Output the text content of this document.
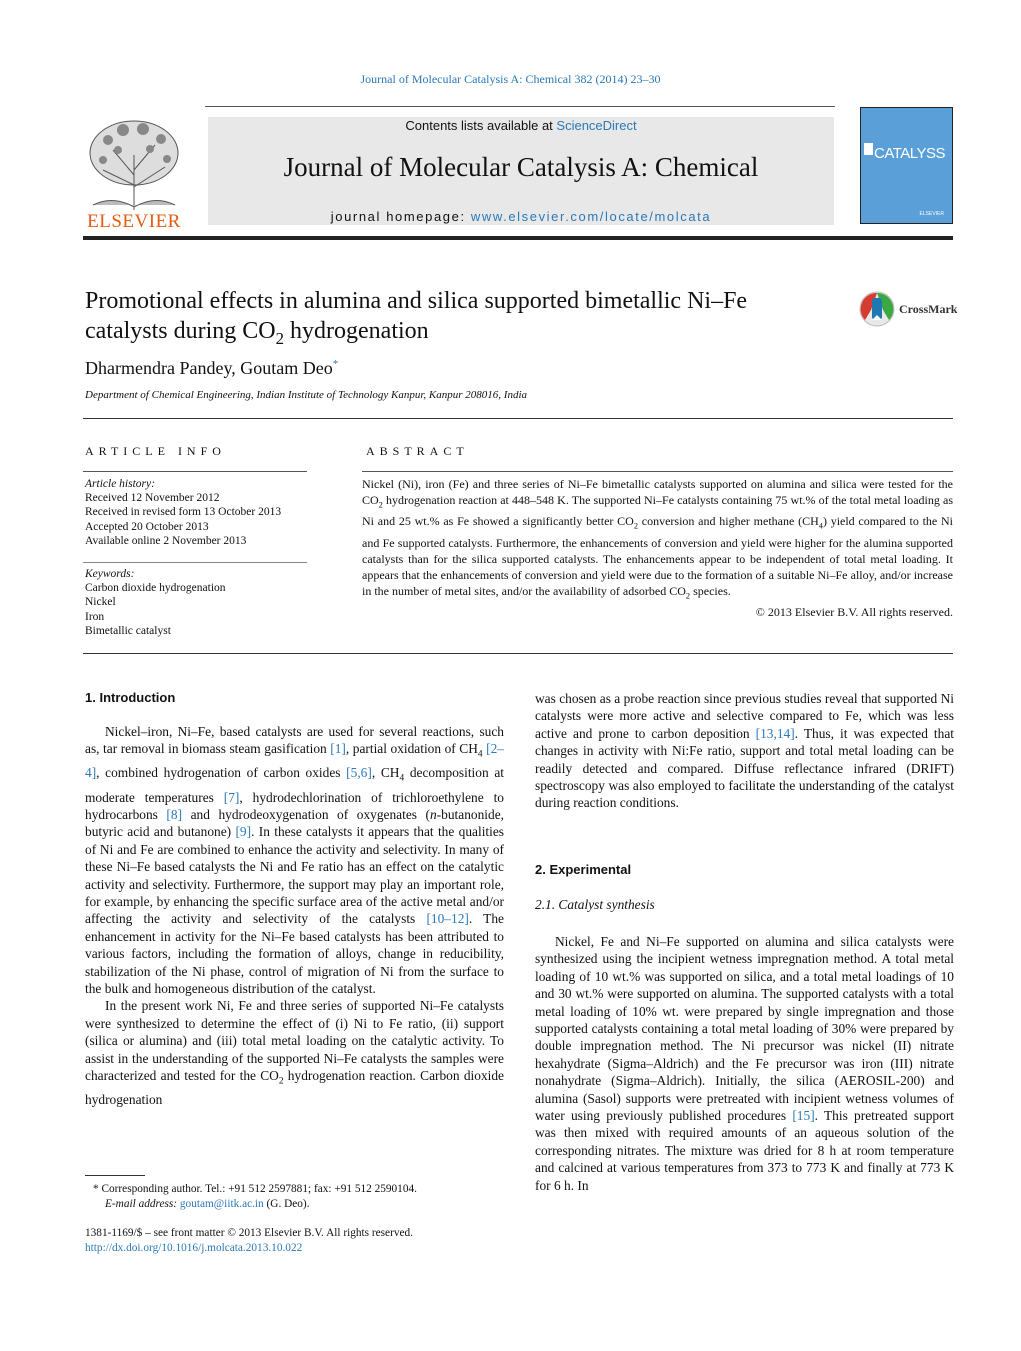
Journal of Molecular Catalysis A: Chemical 382 (2014) 23–30
ELSEVIER
Contents lists available at ScienceDirect
Journal of Molecular Catalysis A: Chemical
journal homepage: www.elsevier.com/locate/molcata	ELSEVIER
CATALYSS
Promotional effects in alumina and silica supported bimetallic Ni–Fe
catalysts during $CO_2$ hydrogenation
CrossMark
Dharmendra Pandey, Goutam Deo*
Department of Chemical Engineering, Indian Institute of Technology Kanpur, Kanpur 208016, India
ARTICLE INFO	ABSTRACT
Article history:
Received 12 November 2012
Received in revised form 13 October 2013
Accepted 20 October 2013
Available online 2 November 2013
Keywords:
Carbon dioxide hydrogenation
Nickel
Iron
Bimetallic catalyst
Nickel (Ni), iron (Fe) and three series of Ni–Fe bimetallic catalysts supported on alumina and silica were tested for the $CO_2$ hydrogenation reaction at 448–548 K. The supported Ni–Fe catalysts containing 75 wt.% of the total metal loading as Ni and 25 wt.% as Fe showed a significantly better $CO_2$ conversion and higher methane $(CH_4)$ yield compared to the Ni and Fe supported catalysts. Furthermore, the enhancements of conversion and yield were higher for the alumina supported catalysts than for the silica supported catalysts. The enhancements appear to be independent of total metal loading. It appears that the enhancements of conversion and yield were due to the formation of a suitable Ni–Fe alloy, and/or increase in the number of metal sites, and/or the availability of adsorbed $CO_2$ species.
© 2013 Elsevier B.V. All rights reserved.
1. Introduction

Nickel–iron, Ni–Fe, based catalysts are used for several reactions, such as, tar removal in biomass steam gasification [1], partial oxidation of $CH_4$ [2–4], combined hydrogenation of carbon oxides [5,6], $CH_4$ decomposition at moderate temperatures [7], hydrodechlorination of trichloroethylene to hydrocarbons [8] and hydrodeoxygenation of oxygenates (n-butanonide, butyric acid and butanone) [9]. In these catalysts it appears that the qualities of Ni and Fe are combined to enhance the activity and selectivity. In many of these Ni–Fe based catalysts the Ni and Fe ratio has an effect on the catalytic activity and selectivity. Furthermore, the support may play an important role, for example, by enhancing the specific surface area of the active metal and/or affecting the activity and selectivity of the catalysts [10–12]. The enhancement in activity for the Ni–Fe based catalysts has been attributed to various factors, including the formation of alloys, change in reducibility, stabilization of the Ni phase, control of migration of Ni from the surface to the bulk and homogeneous distribution of the catalyst.

In the present work Ni, Fe and three series of supported Ni–Fe catalysts were synthesized to determine the effect of (i) Ni to Fe ratio, (ii) support (silica or alumina) and (iii) total metal loading on the catalytic activity. To assist in the understanding of the supported Ni–Fe catalysts the samples were characterized and tested for the $CO_2$ hydrogenation reaction. Carbon dioxide hydrogenation

was chosen as a probe reaction since previous studies reveal that supported Ni catalysts were more active and selective compared to Fe, which was less active and prone to carbon deposition [13,14]. Thus, it was expected that changes in activity with Ni:Fe ratio, support and total metal loading can be readily detected and compared. Diffuse reflectance infrared (DRIFT) spectroscopy was also employed to facilitate the understanding of the catalyst during reaction conditions.

2. Experimental
2.1. Catalyst synthesis

Nickel, Fe and Ni–Fe supported on alumina and silica catalysts were synthesized using the incipient wetness impregnation method. A total metal loading of 10 wt.% was supported on silica, and a total metal loadings of 10 and 30 wt.% were supported on alumina. The supported catalysts with a total metal loading of 10% wt. were prepared by single impregnation and those supported catalysts containing a total metal loading of 30% were prepared by double impregnation method. The Ni precursor was nickel (II) nitrate hexahydrate (Sigma–Aldrich) and the Fe precursor was iron (III) nitrate nonahydrate (Sigma–Aldrich). Initially, the silica (AEROSIL-200) and alumina (Sasol) supports were pretreated with incipient wetness volumes of water using previously published procedures [15]. This pretreated support was then mixed with required amounts of an aqueous solution of the corresponding nitrates. The mixture was dried for 8 h at room temperature and calcined at various temperatures from 373 to 773 K and finally at 773 K for 6 h. In

* Corresponding author. Tel.: +91 512 2597881; fax: +91 512 2590104.
E-mail address: goutam@iitk.ac.in (G. Deo).
1381-1169/$ – see front matter © 2013 Elsevier B.V. All rights reserved.
http://dx.doi.org/10.1016/j.molcata.2013.10.022
